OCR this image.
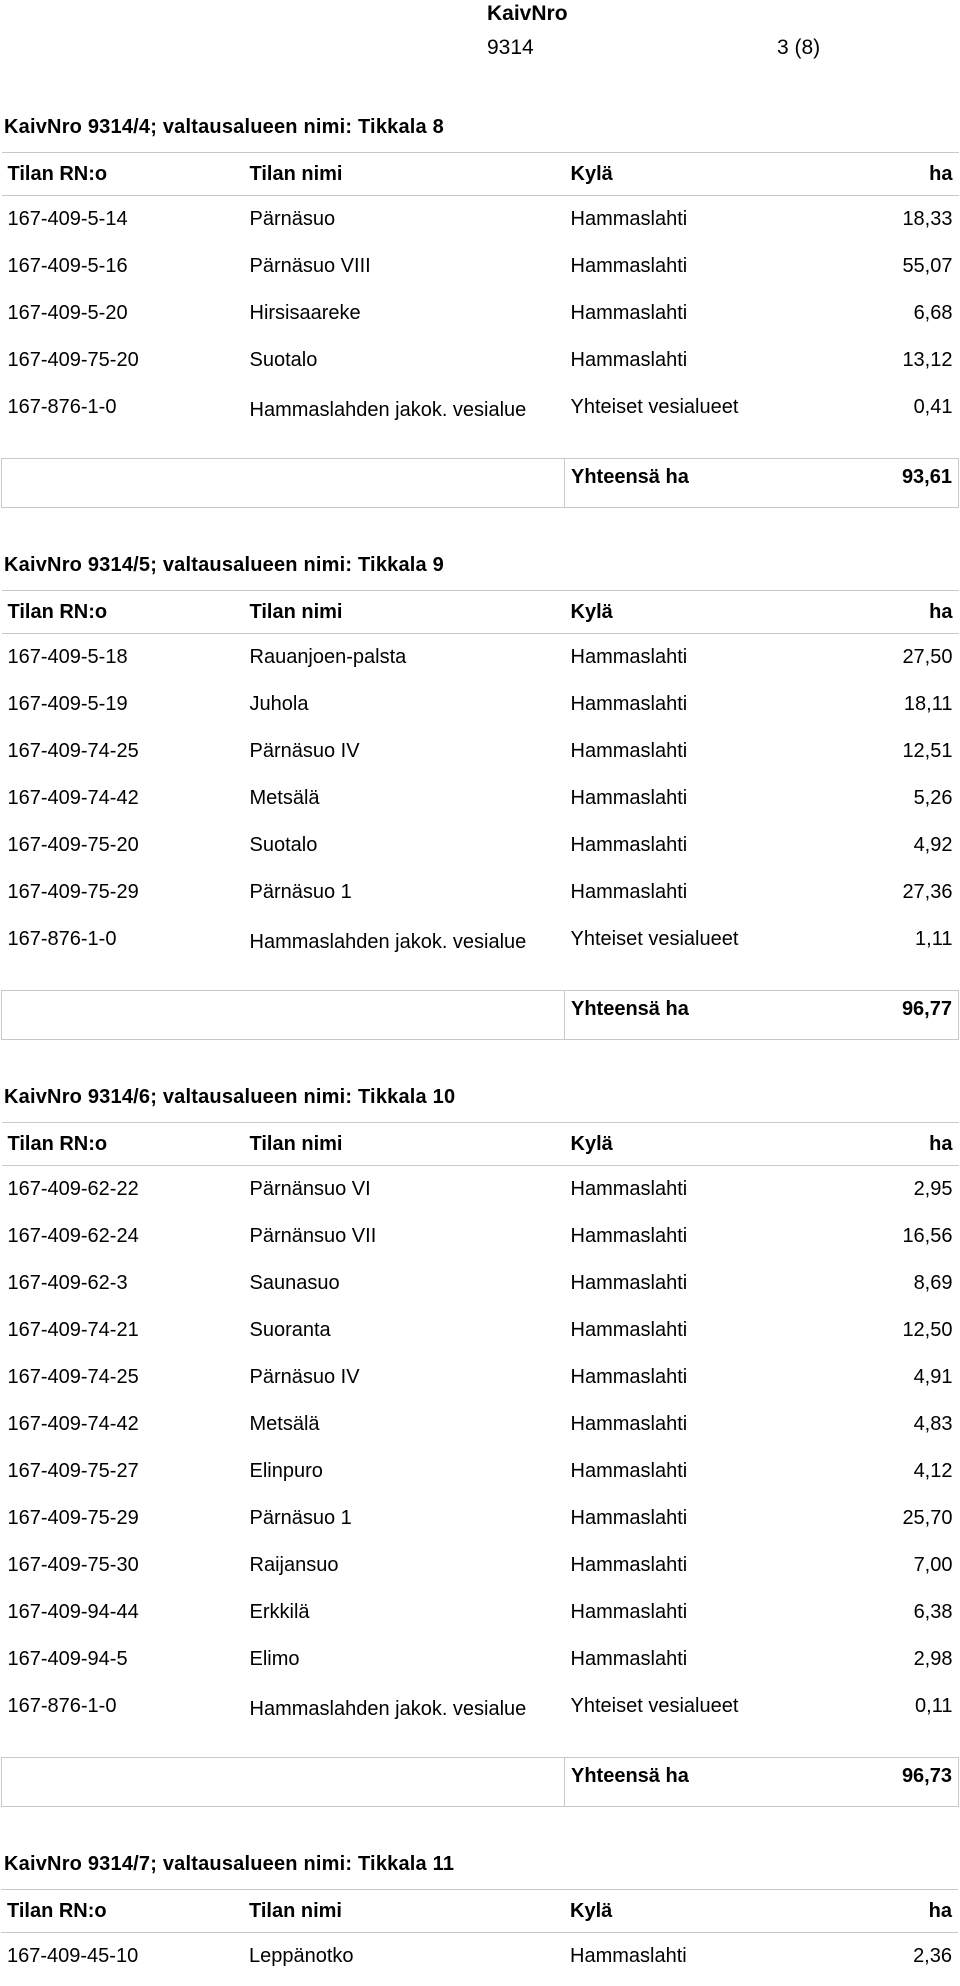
KaivNro
9314	3 (8)
KaivNro 9314/4; valtausalueen nimi: Tikkala 8
Tilan RN:o	Tilan nimi	Kylä	ha

167-409-5-14	Pärnäsuo	Hammaslahti	18,33
167-409-5-16	Pärnäsuo VIII	Hammaslahti	55,07
167-409-5-20	Hirsisaareke	Hammaslahti	6,68
167-409-75-20	Suotalo	Hammaslahti	13,12
167-876-1-0	Hammaslahden jakok. vesialue	Yhteiset vesialueet	0,41
		Yhteensä ha	93,61
KaivNro 9314/5; valtausalueen nimi: Tikkala 9
Tilan RN:o	Tilan nimi	Kylä	ha

167-409-5-18	Rauanjoen-palsta	Hammaslahti	27,50
167-409-5-19	Juhola	Hammaslahti	18,11
167-409-74-25	Pärnäsuo IV	Hammaslahti	12,51
167-409-74-42	Metsälä	Hammaslahti	5,26
167-409-75-20	Suotalo	Hammaslahti	4,92
167-409-75-29	Pärnäsuo 1	Hammaslahti	27,36
167-876-1-0	Hammaslahden jakok. vesialue	Yhteiset vesialueet	1,11
		Yhteensä ha	96,77
KaivNro 9314/6; valtausalueen nimi: Tikkala 10
Tilan RN:o	Tilan nimi	Kylä	ha

167-409-62-22	Pärnänsuo VI	Hammaslahti	2,95
167-409-62-24	Pärnänsuo VII	Hammaslahti	16,56
167-409-62-3	Saunasuo	Hammaslahti	8,69
167-409-74-21	Suoranta	Hammaslahti	12,50
167-409-74-25	Pärnäsuo IV	Hammaslahti	4,91
167-409-74-42	Metsälä	Hammaslahti	4,83
167-409-75-27	Elinpuro	Hammaslahti	4,12
167-409-75-29	Pärnäsuo 1	Hammaslahti	25,70
167-409-75-30	Raijansuo	Hammaslahti	7,00
167-409-94-44	Erkkilä	Hammaslahti	6,38
167-409-94-5	Elimo	Hammaslahti	2,98
167-876-1-0	Hammaslahden jakok. vesialue	Yhteiset vesialueet	0,11
		Yhteensä ha	96,73
KaivNro 9314/7; valtausalueen nimi: Tikkala 11
Tilan RN:o	Tilan nimi	Kylä	ha

167-409-45-10	Leppänotko	Hammaslahti	2,36
